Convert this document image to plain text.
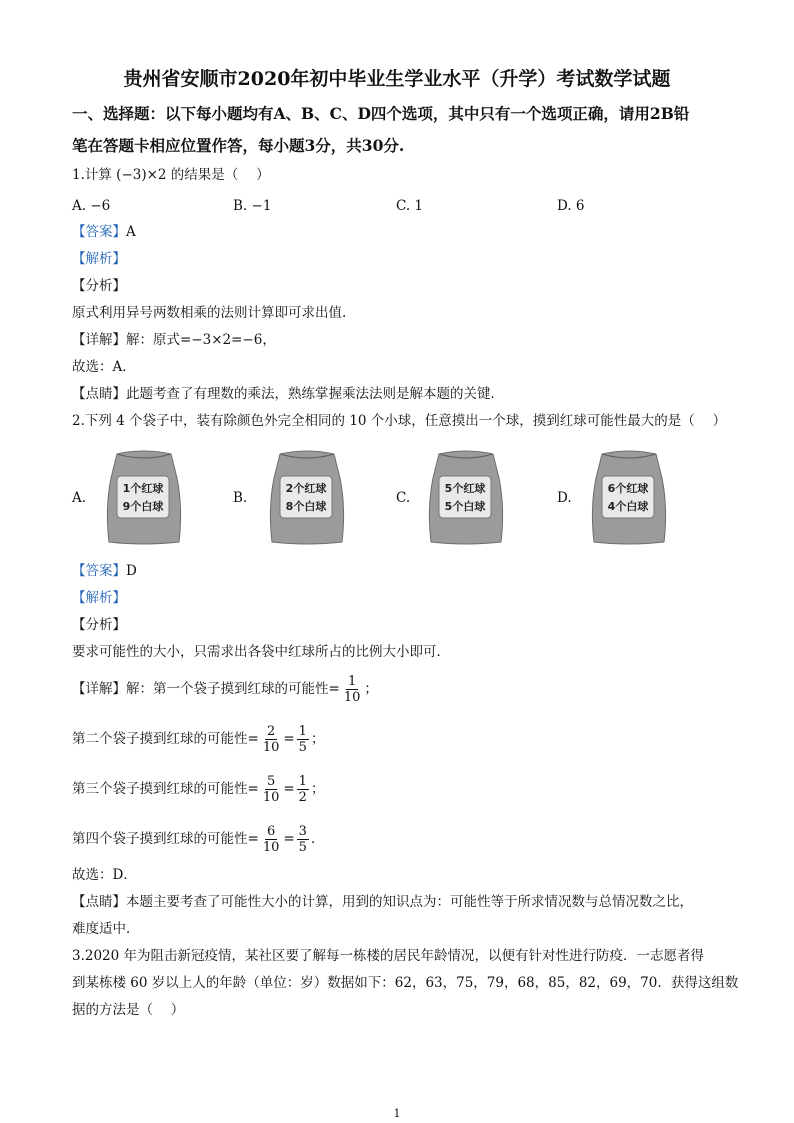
贵州省安顺市2020年初中毕业生学业水平（升学）考试数学试题
一、选择题：以下每小题均有A、B、C、D四个选项，其中只有一个选项正确，请用2B铅
笔在答题卡相应位置作答，每小题3分，共30分.
1.计算 (−3)×2 的结果是（　 ）
A. −6	B. −1	C. 1	D. 6
【答案】A
【解析】
【分析】
原式利用异号两数相乘的法则计算即可求出值.
【详解】解：原式=−3×2=−6，
故选：A．
【点睛】此题考查了有理数的乘法，熟练掌握乘法法则是解本题的关键．
2.下列 4 个袋子中，装有除颜色外完全相同的 10 个小球，任意摸出一个球，摸到红球可能性最大的是（　 ）
A.
1个红球
9个白球
B.
2个红球
8个白球
C.
5个红球
5个白球
D.
6个红球
4个白球
【答案】D
【解析】
【分析】
要求可能性的大小，只需求出各袋中红球所占的比例大小即可．
【详解】解：第一个袋子摸到红球的可能性= $\frac{1}{10}$ ；
第二个袋子摸到红球的可能性= $\frac{2}{10} = \frac{1}{5}$ ；
第三个袋子摸到红球的可能性= $\frac{5}{10} = \frac{1}{2}$ ；
第四个袋子摸到红球的可能性= $\frac{6}{10} = \frac{3}{5}$ ．
故选：D．
【点睛】本题主要考查了可能性大小的计算，用到的知识点为：可能性等于所求情况数与总情况数之比，
难度适中．
3.2020 年为阻击新冠疫情，某社区要了解每一栋楼的居民年龄情况，以便有针对性进行防疫．一志愿者得
到某栋楼 60 岁以上人的年龄（单位：岁）数据如下：62，63，75，79，68，85，82，69，70．获得这组数
据的方法是（　 ）
1
